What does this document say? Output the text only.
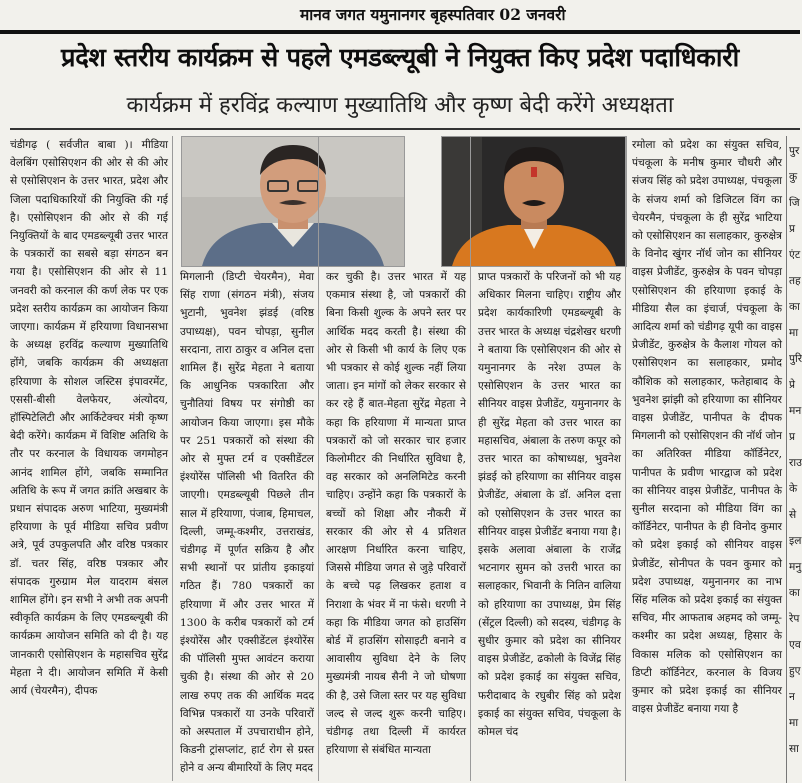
मानव जगत यमुनानगर बृहस्पतिवार 02 जनवरी
प्रदेश स्तरीय कार्यक्रम से पहले एमडब्ल्यूबी ने नियुक्त किए प्रदेश पदाधिकारी
कार्यक्रम में हरविंद्र कल्याण मुख्यातिथि और कृष्ण बेदी करेंगे अध्यक्षता

चंडीगढ़ ( सर्वजीत बाबा )। मीडिया वेलबिंग एसोसिएशन की ओर से की ओर से एसोसिएशन के उत्तर भारत, प्रदेश और जिला पदाधिकारियों की नियुक्ति की गई है। एसोसिएशन की ओर से की गई नियुक्तियों के बाद एमडब्ल्यूबी उत्तर भारत के पत्रकारों का सबसे बड़ा संगठन बन गया है। एसोसिएशन की ओर से 11 जनवरी को करनाल की कर्ण लेक पर एक प्रदेश स्तरीय कार्यक्रम का आयोजन किया जाएगा। कार्यक्रम में हरियाणा विधानसभा के अध्यक्ष हरविंद्र कल्याण मुख्यातिथि होंगे, जबकि कार्यक्रम की अध्यक्षता हरियाणा के सोशल जस्टिस इंपावरमेंट, एससी-बीसी वेलफेयर, अंत्योदय, हॉस्पिटेलिटी और आर्किटेक्चर मंत्री कृष्ण बेदी करेंगे। कार्यक्रम में विशिष्ट अतिथि के तौर पर करनाल के विधायक जगमोहन आनंद शामिल होंगे, जबकि सम्मानित अतिथि के रूप में जगत क्रांति अखबार के प्रधान संपादक अरुण भाटिया, मुख्यमंत्री हरियाणा के पूर्व मीडिया सचिव प्रवीण अत्रे, पूर्व उपकुलपति और वरिष्ठ पत्रकार डॉ. चतर सिंह, वरिष्ठ पत्रकार और संपादक गुरुग्राम मेल यादराम बंसल शामिल होंगे। इन सभी ने अभी तक अपनी स्वीकृति कार्यक्रम के लिए एमडब्ल्यूबी की कार्यक्रम आयोजन समिति को दी है। यह जानकारी एसोसिएशन के महासचिव सुरेंद्र मेहता ने दी। आयोजन समिति में केसी आर्य (चेयरमैन), दीपक

मिगलानी (डिप्टी चेयरमैन), मेवा सिंह राणा (संगठन मंत्री), संजय भुटानी, भुवनेश झंडई (वरिष्ठ उपाध्यक्ष), पवन चोपड़ा, सुनील सरदाना, तारा ठाकुर व अनिल दत्ता शामिल हैं। सुरेंद्र मेहता ने बताया कि आधुनिक पत्रकारिता और चुनौतियां विषय पर संगोष्ठी का आयोजन किया जाएगा। इस मौके पर 251 पत्रकारों को संस्था की ओर से मुफ्त टर्म व एक्सीडेंटल इंश्योरेंस पॉलिसी भी वितरित की जाएगी। एमडब्ल्यूबी पिछले तीन साल में हरियाणा, पंजाब, हिमाचल, दिल्ली, जम्मू-कश्मीर, उत्तराखंड, चंडीगढ़ में पूर्णत सक्रिय है और सभी स्थानों पर प्रांतीय इकाइयां गठित हैं। 780 पत्रकारों का हरियाणा में और उत्तर भारत में 1300 के करीब पत्रकारों को टर्म इंश्योरेंस और एक्सीडेंटल इंश्योरेंस की पॉलिसी मुफ्त आवंटन कराया चुकी है। संस्था की ओर से 20 लाख रुपए तक की आर्थिक मदद विभिन्न पत्रकारों या उनके परिवारों को अस्पताल में उपचाराधीन होने, किडनी ट्रांसप्लांट, हार्ट रोग से ग्रस्त होने व अन्य बीमारियों के लिए मदद

कर चुकी है। उत्तर भारत में यह एकमात्र संस्था है, जो पत्रकारों की बिना किसी शुल्क के अपने स्तर पर आर्थिक मदद करती है। संस्था की ओर से किसी भी कार्य के लिए एक भी पत्रकार से कोई शुल्क नहीं लिया जाता। इन मांगों को लेकर सरकार से कर रहे हैं बात-मेहता सुरेंद्र मेहता ने कहा कि हरियाणा में मान्यता प्राप्त पत्रकारों को जो सरकार चार हजार किलोमीटर की निर्धारित सुविधा है, वह सरकार को अनलिमिटेड करनी चाहिए। उन्होंने कहा कि पत्रकारों के बच्चों को शिक्षा और नौकरी में सरकार की ओर से 4 प्रतिशत आरक्षण निर्धारित करना चाहिए, जिससे मीडिया जगत से जुड़े परिवारों के बच्चे पढ़ लिखकर हताश व निराशा के भंवर में ना फंसे। धरणी ने कहा कि मीडिया जगत को हाउसिंग बोर्ड में हाउसिंग सोसाइटी बनाने व आवासीय सुविधा देने के लिए मुख्यमंत्री नायब सैनी ने जो घोषणा की है, उसे जिला स्तर पर यह सुविधा जल्द से जल्द शुरू करनी चाहिए। चंडीगढ़ तथा दिल्ली में कार्यरत हरियाणा से संबंधित मान्यता

प्राप्त पत्रकारों के परिजनों को भी यह अधिकार मिलना चाहिए। राष्ट्रीय और प्रदेश कार्यकारिणी एमडब्ल्यूबी के उत्तर भारत के अध्यक्ष चंद्रशेखर धरणी ने बताया कि एसोसिएशन की ओर से यमुनानगर के नरेश उप्पल के एसोसिएशन के उत्तर भारत का सीनियर वाइस प्रेजीडेंट, यमुनानगर के ही सुरेंद्र मेहता को उत्तर भारत का महासचिव, अंबाला के तरुण कपूर को उत्तर भारत का कोषाध्यक्ष, भुवनेश झंडई को हरियाणा का सीनियर वाइस प्रेजीडेंट, अंबाला के डॉ. अनिल दत्ता को एसोसिएशन के उत्तर भारत का सीनियर वाइस प्रेजीडेंट बनाया गया है। इसके अलावा अंबाला के राजेंद्र भटनागर सुमन को उत्तरी भारत का सलाहकार, भिवानी के नितिन वालिया को हरियाणा का उपाध्यक्ष, प्रेम सिंह (सेंट्रल दिल्ली) को सदस्य, चंडीगढ़ के सुधीर कुमार को प्रदेश का सीनियर वाइस प्रेजीडेंट, ढकोली के विजेंद्र सिंह को प्रदेश इकाई का संयुक्त सचिव, फरीदाबाद के रघुबीर सिंह को प्रदेश इकाई का संयुक्त सचिव, पंचकूला के कोमल चंद

रमोला को प्रदेश का संयुक्त सचिव, पंचकूला के मनीष कुमार चौधरी और संजय सिंह को प्रदेश उपाध्यक्ष, पंचकूला के संजय शर्मा को डिजिटल विंग का चेयरमैन, पंचकूला के ही सुरेंद्र भाटिया को एसोसिएशन का सलाहकार, कुरुक्षेत्र के विनोद खुंगर नॉर्थ जोन का सीनियर वाइस प्रेजीडेंट, कुरुक्षेत्र के पवन चोपड़ा एसोसिएशन की हरियाणा इकाई के मीडिया सैल का इंचार्ज, पंचकूला के आदित्य शर्मा को चंडीगढ़ यूपी का वाइस प्रेजीडेंट, कुरुक्षेत्र के कैलाश गोयल को एसोसिएशन का सलाहकार, प्रमोद कौशिक को सलाहकार, फतेहाबाद के भुवनेश झांझी को हरियाणा का सीनियर वाइस प्रेजीडेंट, पानीपत के दीपक मिगलानी को एसोसिएशन की नॉर्थ जोन का अतिरिक्त मीडिया कॉर्डिनेटर, पानीपत के प्रवीण भारद्वाज को प्रदेश का सीनियर वाइस प्रेजीडेंट, पानीपत के सुनील सरदाना को मीडिया विंग का कॉर्डिनेटर, पानीपत के ही विनोद कुमार को प्रदेश इकाई को सीनियर वाइस प्रेजीडेंट, सोनीपत के पवन कुमार को प्रदेश उपाध्यक्ष, यमुनानगर का नाभ सिंह मलिक को प्रदेश इकाई का संयुक्त सचिव, मीर आफताब अहमद को जम्मू-कश्मीर का प्रदेश अध्यक्ष, हिसार के विकास मलिक को एसोसिएशन का डिप्टी कॉर्डिनेटर, करनाल के विजय कुमार को प्रदेश इकाई का सीनियर वाइस प्रेजीडेंट बनाया गया है

पुर
कु
जि
प्र
एंट
तह
का
मा
पुरि
प्रे
मन
प्र
राउ
के
से
इल
मनु
का
रेप
एव
हुए
न
मा
सा
